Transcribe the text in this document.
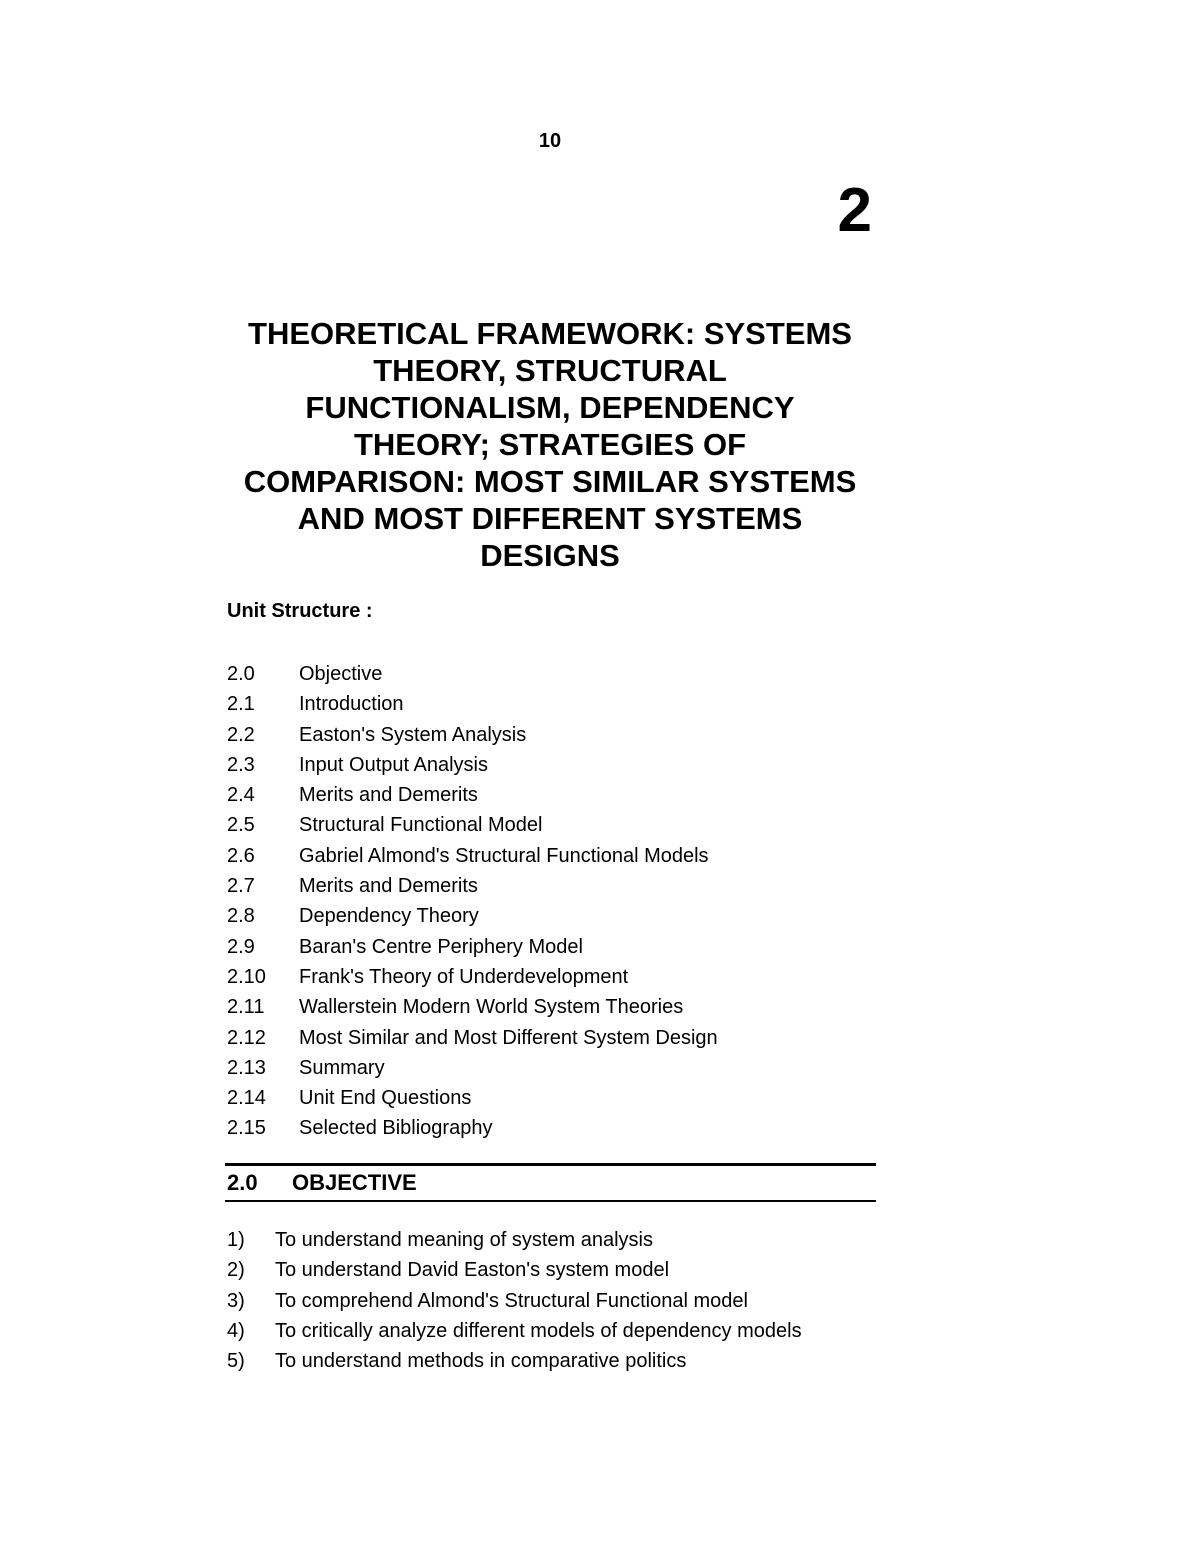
10
2
THEORETICAL FRAMEWORK: SYSTEMS
THEORY, STRUCTURAL
FUNCTIONALISM, DEPENDENCY
THEORY; STRATEGIES OF
COMPARISON: MOST SIMILAR SYSTEMS
AND MOST DIFFERENT SYSTEMS
DESIGNS
Unit Structure :
2.0 Objective
2.1 Introduction
2.2 Easton's System Analysis
2.3 Input Output Analysis
2.4 Merits and Demerits
2.5 Structural Functional Model
2.6 Gabriel Almond's Structural Functional Models
2.7 Merits and Demerits
2.8 Dependency Theory
2.9 Baran's Centre Periphery Model
2.10 Frank's Theory of Underdevelopment
2.11 Wallerstein Modern World System Theories
2.12 Most Similar and Most Different System Design
2.13 Summary
2.14 Unit End Questions
2.15 Selected Bibliography
2.0 OBJECTIVE
1) To understand meaning of system analysis
2) To understand David Easton's system model
3) To comprehend Almond's Structural Functional model
4) To critically analyze different models of dependency models
5) To understand methods in comparative politics
